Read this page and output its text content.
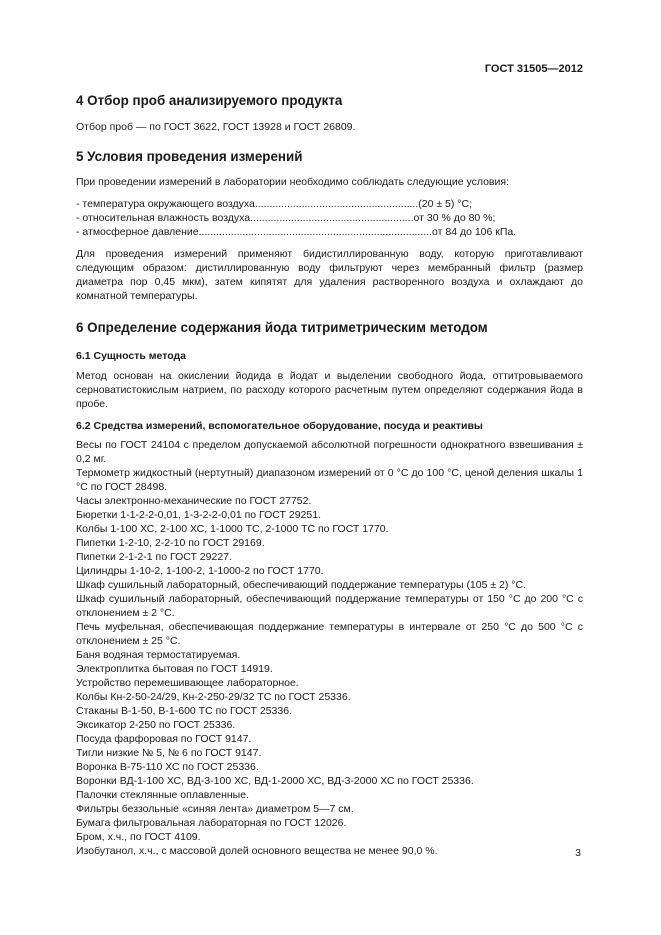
ГОСТ 31505—2012
4 Отбор проб анализируемого продукта

Отбор проб — по ГОСТ 3622, ГОСТ 13928 и ГОСТ 26809.

5 Условия проведения измерений

При проведении измерений в лаборатории необходимо соблюдать следующие условия:

- температура окружающего воздуха ........................................................ (20 ± 5) °С;
- относительная влажность воздуха ........................................................ от 30 % до 80 %;
- атмосферное давление ................................................................................ от 84 до 106 кПа.

Для проведения измерений применяют бидистиллированную воду, которую приготавливают следующим образом: дистиллированную воду фильтруют через мембранный фильтр (размер диаметра пор 0,45 мкм), затем кипятят для удаления растворенного воздуха и охлаждают до комнатной температуры.

6 Определение содержания йода титриметрическим методом
6.1 Сущность метода

Метод основан на окислении йодида в йодат и выделении свободного йода, оттитровываемого серноватистокислым натрием, по расходу которого расчетным путем определяют содержания йода в пробе.

6.2 Средства измерений, вспомогательное оборудование, посуда и реактивы

Весы по ГОСТ 24104 с пределом допускаемой абсолютной погрешности однократного взвешивания ± 0,2 мг.

Термометр жидкостный (нертутный) диапазоном измерений от 0 °С до 100 °С, ценой деления шкалы 1 °С по ГОСТ 28498.

Часы электронно-механические по ГОСТ 27752.

Бюретки 1-1-2-2-0,01, 1-3-2-2-0,01 по ГОСТ 29251.

Колбы 1-100 ХС, 2-100 ХС, 1-1000 ТС, 2-1000 ТС по ГОСТ 1770.

Пипетки 1-2-10, 2-2-10 по ГОСТ 29169.

Пипетки 2-1-2-1 по ГОСТ 29227.

Цилиндры 1-10-2, 1-100-2, 1-1000-2 по ГОСТ 1770.

Шкаф сушильный лабораторный, обеспечивающий поддержание температуры (105 ± 2) °С.

Шкаф сушильный лабораторный, обеспечивающий поддержание температуры от 150 °С до 200 °С с отклонением ± 2 °С.

Печь муфельная, обеспечивающая поддержание температуры в интервале от 250 °С до 500 °С с отклонением ± 25 °С.

Баня водяная термостатируемая.

Электроплитка бытовая по ГОСТ 14919.

Устройство перемешивающее лабораторное.

Колбы Кн-2-50-24/29, Кн-2-250-29/32 ТС по ГОСТ 25336.

Стаканы В-1-50, В-1-600 ТС по ГОСТ 25336.

Эксикатор 2-250 по ГОСТ 25336.

Посуда фарфоровая по ГОСТ 9147.

Тигли низкие № 5, № 6 по ГОСТ 9147.

Воронка В-75-110 ХС по ГОСТ 25336.

Воронки ВД-1-100 ХС, ВД-3-100 ХС, ВД-1-2000 ХС, ВД-3-2000 ХС по ГОСТ 25336.

Палочки стеклянные оплавленные.

Фильтры беззольные «синяя лента» диаметром 5—7 см.

Бумага фильтровальная лабораторная по ГОСТ 12026.

Бром, х.ч., по ГОСТ 4109.

Изобутанол, х.ч., с массовой долей основного вещества не менее 90,0 %.	3
